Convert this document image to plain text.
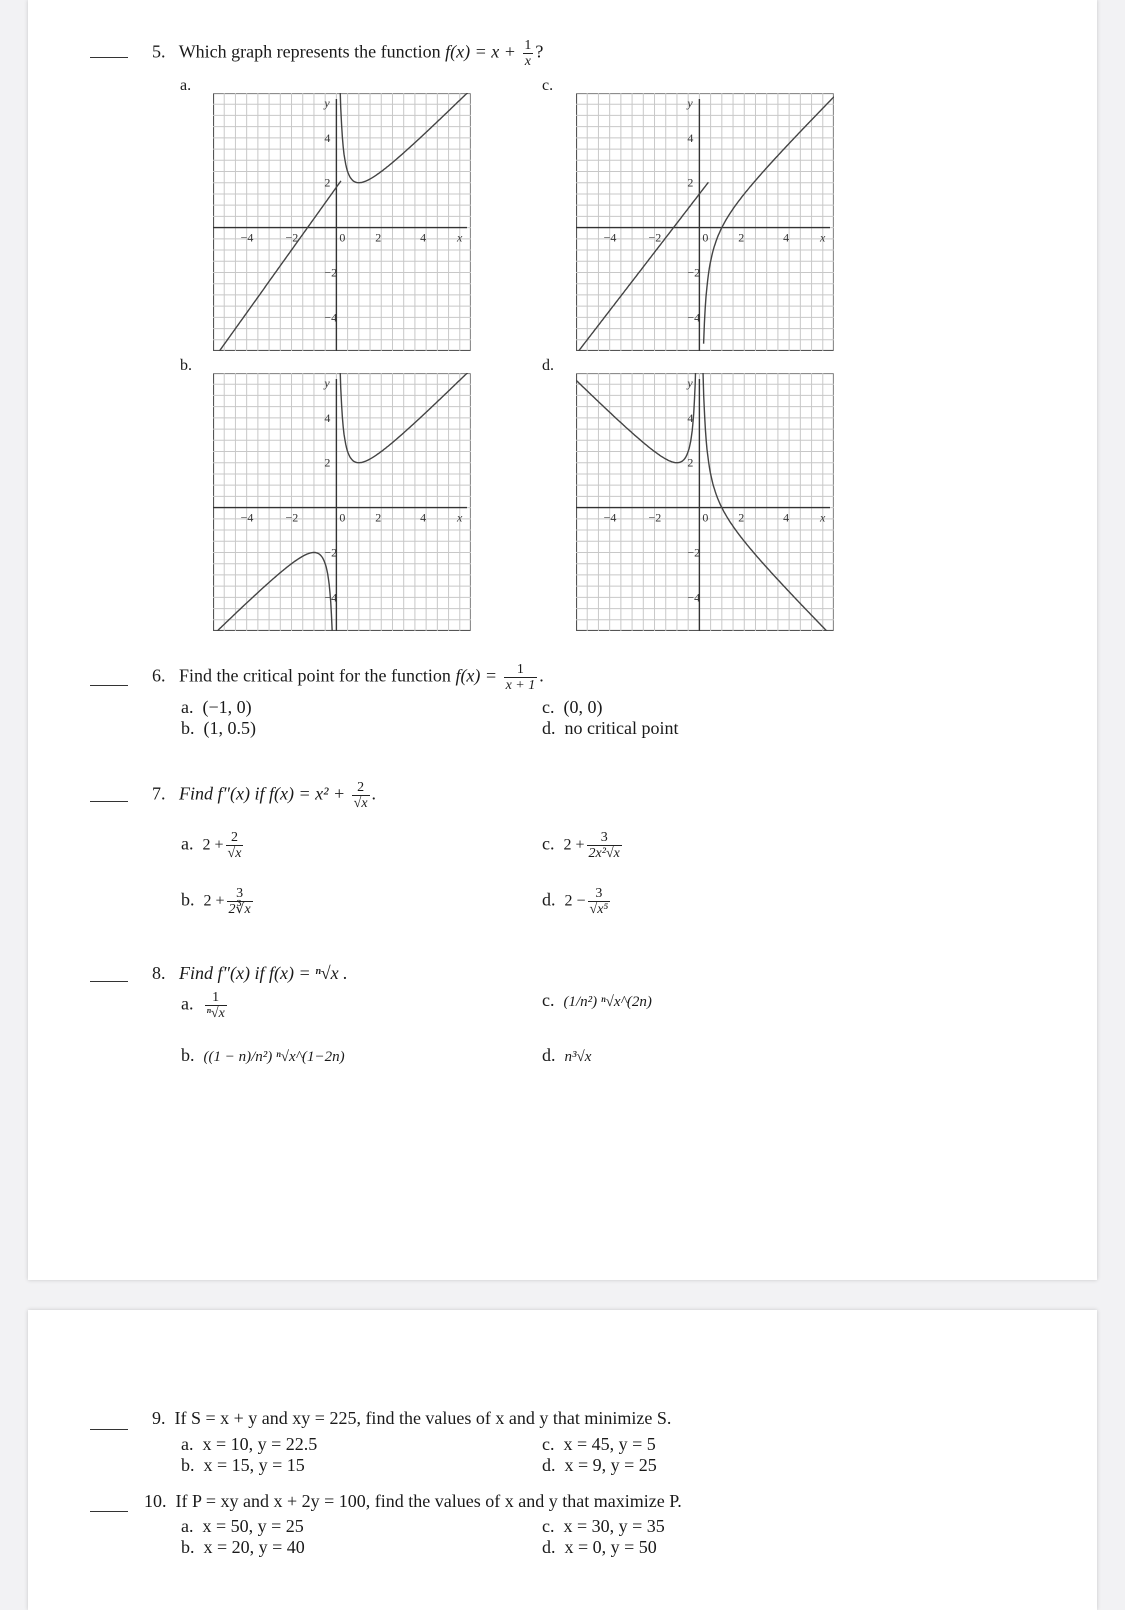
5. Which graph represents the function $f(x) = x + \frac{1}{x}$ ?
a.	c.
b.	d.
−4
−4
−2
−2
2
2
4
4
0	x
y
−4
−4
−2
−2
2
2
4
4
0	x
y
−4
−4
−2
−2
2
2
4
4
0	x
y
−4
−4
−2
−2
2
2
4
4
0	x
y
6. Find the critical point for the function $f(x) = \frac{1}{x + 1}$ .
a. (−1, 0)
b. (1, 0.5)
c. (0, 0)
d. no critical point
7. Find f″(x) if $f(x) = x^2 + \frac{2}{√x}$ .
a. $2 + \frac{2}{√x}$
b. $2 + \frac{3}{2∛x}$
c. $2 + \frac{3}{\text{2x²√x}}$
d. $2 - \frac{3}{\text{√x⁵}}$
8. Find f″(x) if f(x) = ⁿ√x .
a. $\frac{1}{\text{ⁿ√x}}$
b. ((1 − n)/n²) ⁿ√x^(1−2n)
c. (1/n²) ⁿ√x^(2n)
d. n³√x
9. If S = x + y and xy = 225, find the values of x and y that minimize S.
a. x = 10, y = 22.5
b. x = 15, y = 15
c. x = 45, y = 5
d. x = 9, y = 25
10. If P = xy and x + 2y = 100, find the values of x and y that maximize P.
a. x = 50, y = 25
b. x = 20, y = 40
c. x = 30, y = 35
d. x = 0, y = 50
